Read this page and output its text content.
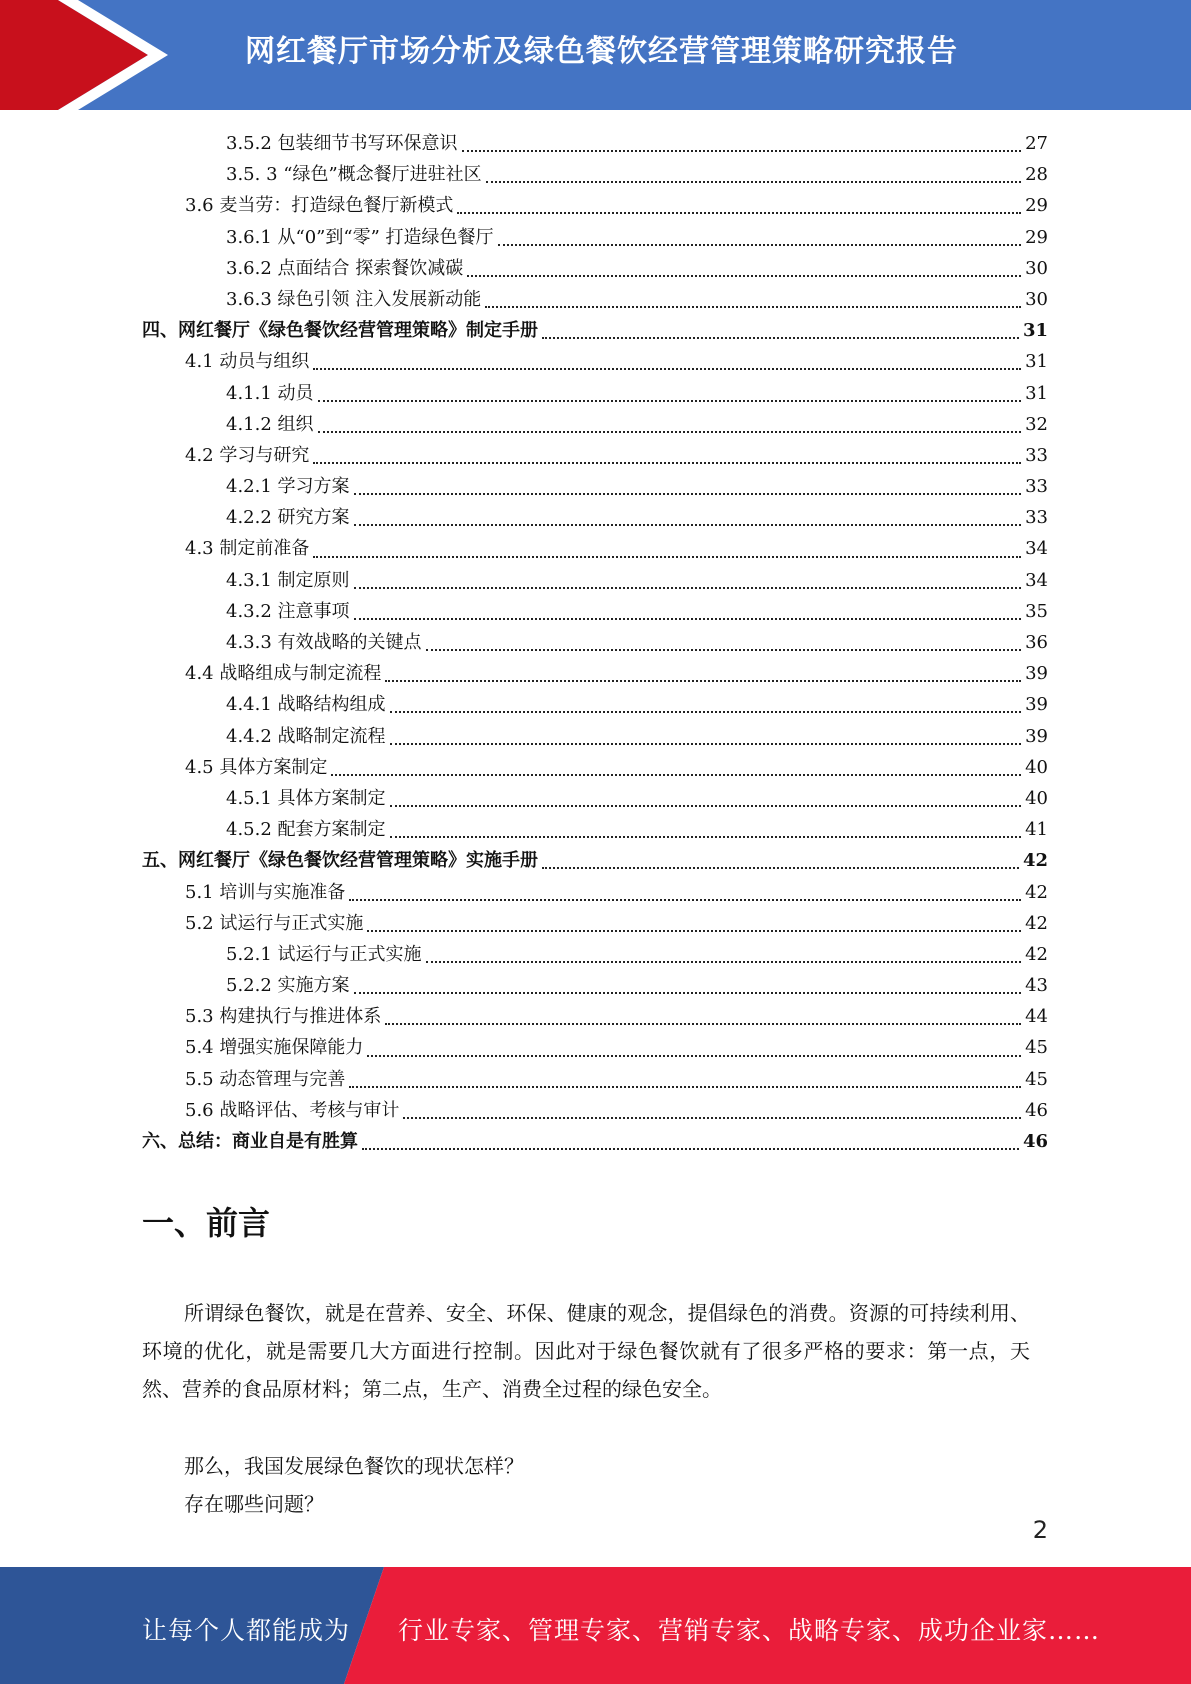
网红餐厅市场分析及绿色餐饮经营管理策略研究报告
3.5.2 包装细节书写环保意识	27
3.5. 3 “绿色”概念餐厅进驻社区	28
3.6 麦当劳：打造绿色餐厅新模式	29
3.6.1 从“0”到“零” 打造绿色餐厅	29
3.6.2 点面结合 探索餐饮减碳	30
3.6.3 绿色引领 注入发展新动能	30
四、网红餐厅《绿色餐饮经营管理策略》制定手册	31
4.1 动员与组织	31
4.1.1 动员	31
4.1.2 组织	32
4.2 学习与研究	33
4.2.1 学习方案	33
4.2.2 研究方案	33
4.3 制定前准备	34
4.3.1 制定原则	34
4.3.2 注意事项	35
4.3.3 有效战略的关键点	36
4.4 战略组成与制定流程	39
4.4.1 战略结构组成	39
4.4.2 战略制定流程	39
4.5 具体方案制定	40
4.5.1 具体方案制定	40
4.5.2 配套方案制定	41
五、网红餐厅《绿色餐饮经营管理策略》实施手册	42
5.1 培训与实施准备	42
5.2 试运行与正式实施	42
5.2.1 试运行与正式实施	42
5.2.2 实施方案	43
5.3 构建执行与推进体系	44
5.4 增强实施保障能力	45
5.5 动态管理与完善	45
5.6 战略评估、考核与审计	46
六、总结：商业自是有胜算	46
一、前言
所谓绿色餐饮，就是在营养、安全、环保、健康的观念，提倡绿色的消费。资源的可持续利用、环境的优化，就是需要几大方面进行控制。因此对于绿色餐饮就有了很多严格的要求：第一点，天然、营养的食品原材料；第二点，生产、消费全过程的绿色安全。
那么，我国发展绿色餐饮的现状怎样？
存在哪些问题？
2
让每个人都能成为 行业专家、管理专家、营销专家、战略专家、成功企业家……
